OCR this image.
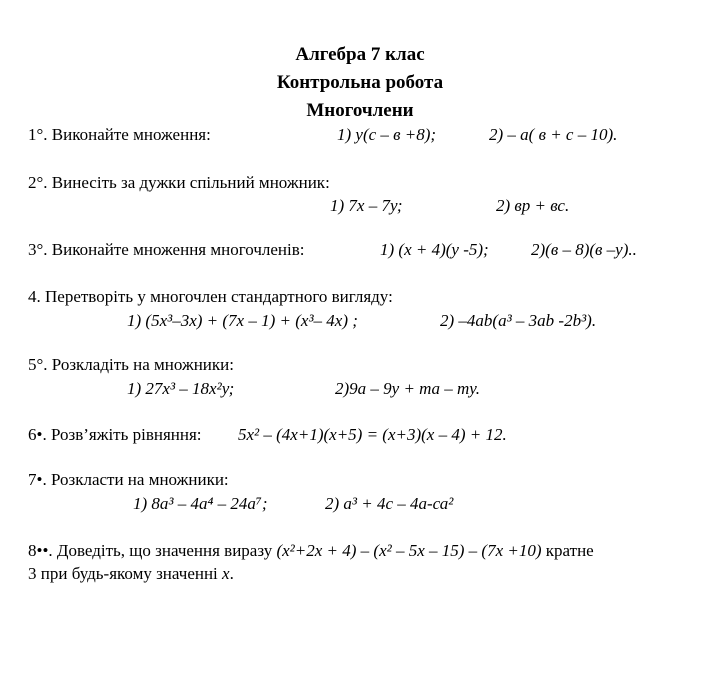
Алгебра 7 клас
Контрольна робота
Многочлени
1°. Виконайте множення:	1) у(с – в +8);	2) – а( в + с – 10).
2°. Винесіть за дужки спільний множник:
1) 7х – 7у;	2) вр + вс.
3°. Виконайте множення многочленів:	1) (х + 4)(у -5); 2)(в – 8)(в –у)..
4. Перетворіть у многочлен стандартного вигляду:
1) (5х³–3х) + (7х – 1) + (х³– 4х) ;	2) –4аb(а³ – 3аb -2b³).
5°. Розкладіть на множники:
1) 27х³ – 18х²у;	2)9а – 9у + mа – mу.
6•. Розв’яжіть рівняння: 5х² – (4х+1)(х+5) = (х+3)(х – 4) + 12.
7•. Розкласти на множники:
1) 8а³ – 4а⁴ – 24а⁷;	2) а³ + 4с – 4а-са²
8••. Доведіть, що значення виразу (х²+2х + 4) – (х² – 5х – 15) – (7х +10) кратне
3 при будь-якому значенні х.
